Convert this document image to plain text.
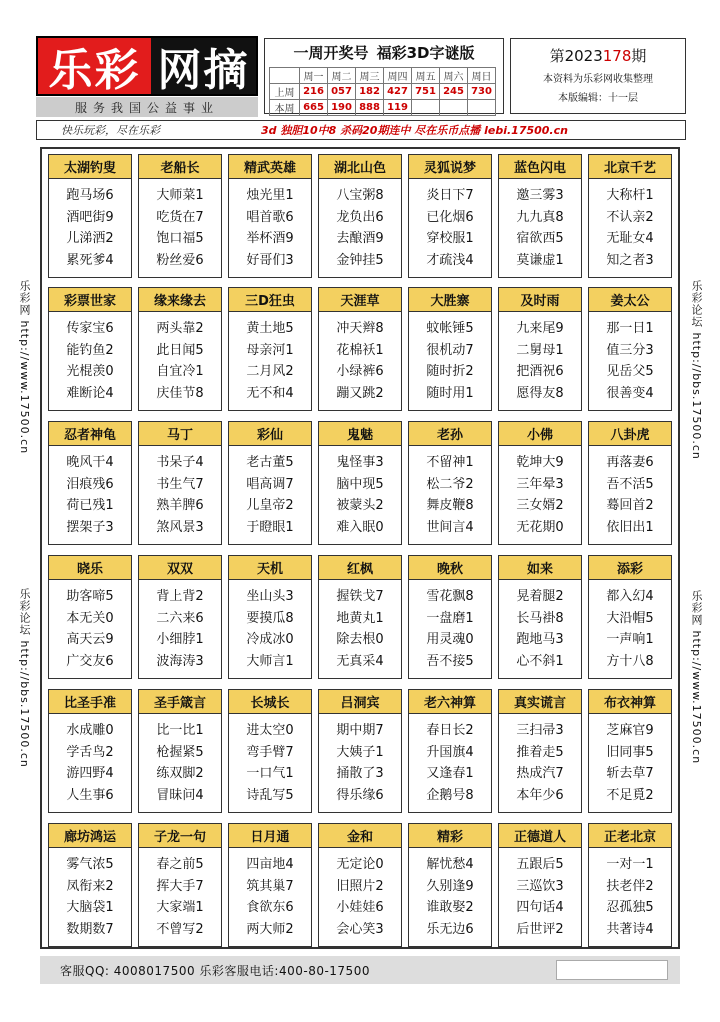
乐彩 网摘
服务我国公益事业
一周开奖号 福彩3D字谜版
	周一	周二	周三	周四	周五	周六	周日
上周	216	057	182	427	751	245	730
本周	665	190	888	119			
第2023178期
本资料为乐彩网收集整理
本版编辑：十一层
快乐玩彩，尽在乐彩	3d 独胆10中8 杀码20期连中 尽在乐币点播 lebi.17500.cn
乐彩网 http://www.17500.cn
乐彩论坛 http://bbs.17500.cn
乐彩论坛 http://bbs.17500.cn
乐彩网 http://www.17500.cn
太湖钓叟
跑马场6
酒吧街9
儿涕洒2
累死爹4
老船长
大师菜1
吃货在7
饱口福5
粉丝爱6
精武英雄
烛光里1
唱首歌6
举杯酒9
好哥们3
湖北山色
八宝粥8
龙负出6
去酿酒9
金钟挂5
灵狐说梦
炎日下7
已化烟6
穿校服1
才疏浅4
蓝色闪电
邀三雾3
九九真8
宿欲西5
莫谦虚1
北京千艺
大称杆1
不认亲2
无耻女4
知之者3
彩票世家
传家宝6
能钓鱼2
光棍羡0
难断论4
缘来缘去
两头靠2
此日闻5
自宜冷1
庆佳节8
三D狂虫
黄土地5
母亲河1
二月风2
无不和4
天涯草
冲天辫8
花棉袄1
小绿裤6
蹦又跳2
大胜寨
蚊帐锤5
很机动7
随时折2
随时用1
及时雨
九来尾9
二舅母1
把酒祝6
愿得友8
姜太公
那一日1
值三分3
见岳父5
很善变4
忍者神龟
晚风干4
泪痕残6
荷已残1
摆架子3
马丁
书呆子4
书生气7
熟羊脾6
煞风景3
彩仙
老古董5
唱高调7
儿皇帝2
于瞪眼1
鬼魅
鬼怪事3
脑中现5
被蒙头2
难入眠0
老孙
不留神1
松二爷2
舞皮鞭8
世间言4
小佛
乾坤大9
三年晕3
三女婿2
无花期0
八卦虎
再落妻6
吾不活5
蓦回首2
依旧出1
晓乐
助客啼5
本无关0
高天云9
广交友6
双双
背上背2
二六来6
小细脖1
波海涛3
天机
坐山头3
要摸瓜8
冷成冰0
大师言1
红枫
握铁戈7
地黄丸1
除去根0
无真采4
晚秋
雪花飘8
一盘磨1
用灵魂0
吾不接5
如来
晃着腿2
长马褂8
跑地马3
心不斜1
添彩
都入幻4
大沿帽5
一声响1
方十八8
比圣手准
水成雕0
学舌鸟2
游四野4
人生事6
圣手箴言
比一比1
枪握紧5
练双脚2
冒昧问4
长城长
进太空0
弯手臂7
一口气1
诗乱写5
吕洞宾
期中期7
大姨子1
捅散了3
得乐缘6
老六神算
春日长2
升国旗4
又逢春1
企鹅号8
真实谎言
三扫帚3
推着走5
热成汽7
本年少6
布衣神算
芝麻官9
旧同事5
斩去草7
不足覓2
廊坊鸿运
雾气浓5
凤衔来2
大脑袋1
数期数7
子龙一句
春之前5
挥大手7
大家端1
不曾写2
日月通
四亩地4
筑其巢7
食欲东6
两大师2
金和
无定论0
旧照片2
小娃娃6
会心笑3
精彩
解忧愁4
久别逢9
谁敢娶2
乐无边6
正德道人
五跟后5
三巡饮3
四句话4
后世评2
正老北京
一对一1
扶老伴2
忍孤独5
共著诗4
客服QQ: 4008017500 乐彩客服电话:400-80-17500
